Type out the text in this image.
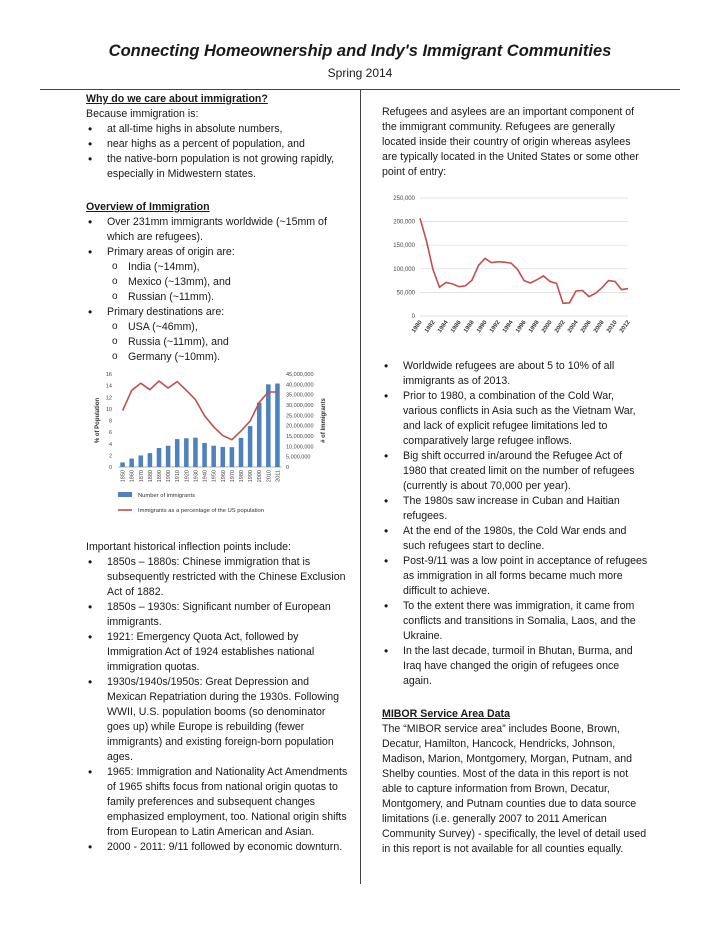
Connecting Homeownership and Indy's Immigrant Communities
Spring 2014

Why do we care about immigration?

Because immigration is:

• at all-time highs in absolute numbers,
• near highs as a percent of population, and
• the native-born population is not growing rapidly, especially in Midwestern states.

Overview of Immigration

• Over 231mm immigrants worldwide (~15mm of which are refugees).
• Primary areas of origin are:
o India (~14mm),
o Mexico (~13mm), and
o Russian (~11mm).
• Primary destinations are:
o USA (~46mm),
o Russia (~11mm), and
o Germany (~10mm).
0
2
4
6
8
10
12
14
16
0
5,000,000
10,000,000
15,000,000
20,000,000
25,000,000
30,000,000
35,000,000
40,000,000
45,000,000
% of Population	# of Immigrants
1850 1860 1870 1880 1890 1900 1910 1920 1930 1940 1950 1960 1970 1980 1990 2000 2010 2011
Number of immigrants
Immigrants as a percentage of the US population

Important historical inflection points include:

• 1850s – 1880s: Chinese immigration that is subsequently restricted with the Chinese Exclusion Act of 1882.
• 1850s – 1930s: Significant number of European immigrants.
• 1921: Emergency Quota Act, followed by Immigration Act of 1924 establishes national immigration quotas.
• 1930s/1940s/1950s: Great Depression and Mexican Repatriation during the 1930s. Following WWII, U.S. population booms (so denominator goes up) while Europe is rebuilding (fewer immigrants) and existing foreign-born population ages.
• 1965: Immigration and Nationality Act Amendments of 1965 shifts focus from national origin quotas to family preferences and subsequent changes emphasized employment, too. National origin shifts from European to Latin American and Asian.
• 2000 - 2011: 9/11 followed by economic downturn.

Refugees and asylees are an important component of the immigrant community. Refugees are generally located inside their country of origin whereas asylees are typically located in the United States or some other point of entry:

0
50,000
100,000
150,000
200,000
250,000
1980 1982 1984 1986 1988 1990 1992 1994 1996 1998 2000 2002 2004 2006 2008 2010 2012
• Worldwide refugees are about 5 to 10% of all immigrants as of 2013.
• Prior to 1980, a combination of the Cold War, various conflicts in Asia such as the Vietnam War, and lack of explicit refugee limitations led to comparatively large refugee inflows.
• Big shift occurred in/around the Refugee Act of 1980 that created limit on the number of refugees (currently is about 70,000 per year).
• The 1980s saw increase in Cuban and Haitian refugees.
• At the end of the 1980s, the Cold War ends and such refugees start to decline.
• Post-9/11 was a low point in acceptance of refugees as immigration in all forms became much more difficult to achieve.
• To the extent there was immigration, it came from conflicts and transitions in Somalia, Laos, and the Ukraine.
• In the last decade, turmoil in Bhutan, Burma, and Iraq have changed the origin of refugees once again.

MIBOR Service Area Data

The “MIBOR service area” includes Boone, Brown, Decatur, Hamilton, Hancock, Hendricks, Johnson, Madison, Marion, Montgomery, Morgan, Putnam, and Shelby counties. Most of the data in this report is not able to capture information from Brown, Decatur, Montgomery, and Putnam counties due to data source limitations (i.e. generally 2007 to 2011 American Community Survey) - specifically, the level of detail used in this report is not available for all counties equally.
